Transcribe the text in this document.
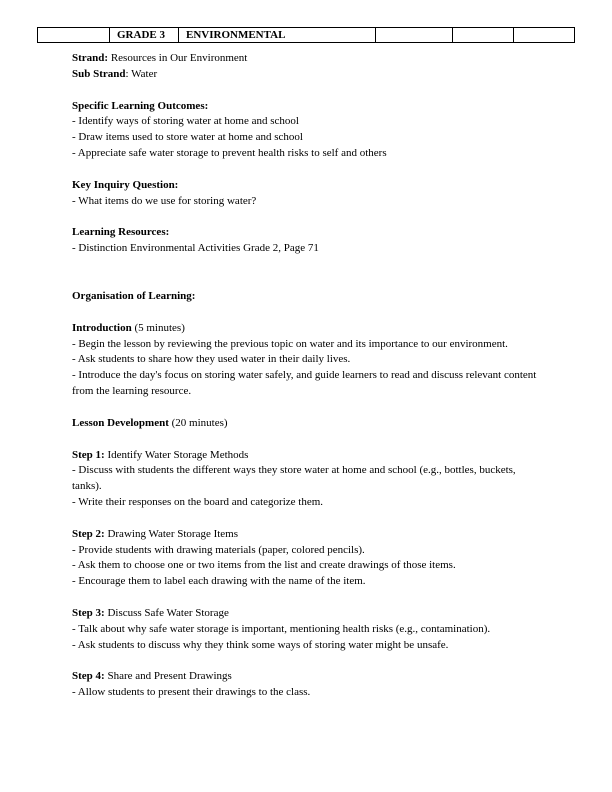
	GRADE 3	ENVIRONMENTAL			

Strand: Resources in Our Environment

Sub Strand: Water

Specific Learning Outcomes:

- Identify ways of storing water at home and school

- Draw items used to store water at home and school

- Appreciate safe water storage to prevent health risks to self and others

Key Inquiry Question:

- What items do we use for storing water?

Learning Resources:

- Distinction Environmental Activities Grade 2, Page 71

Organisation of Learning:

Introduction (5 minutes)

- Begin the lesson by reviewing the previous topic on water and its importance to our environment.

- Ask students to share how they used water in their daily lives.

- Introduce the day's focus on storing water safely, and guide learners to read and discuss relevant content from the learning resource.

Lesson Development (20 minutes)

Step 1: Identify Water Storage Methods

- Discuss with students the different ways they store water at home and school (e.g., bottles, buckets, tanks).

- Write their responses on the board and categorize them.

Step 2: Drawing Water Storage Items

- Provide students with drawing materials (paper, colored pencils).

- Ask them to choose one or two items from the list and create drawings of those items.

- Encourage them to label each drawing with the name of the item.

Step 3: Discuss Safe Water Storage

- Talk about why safe water storage is important, mentioning health risks (e.g., contamination).

- Ask students to discuss why they think some ways of storing water might be unsafe.

Step 4: Share and Present Drawings

- Allow students to present their drawings to the class.
